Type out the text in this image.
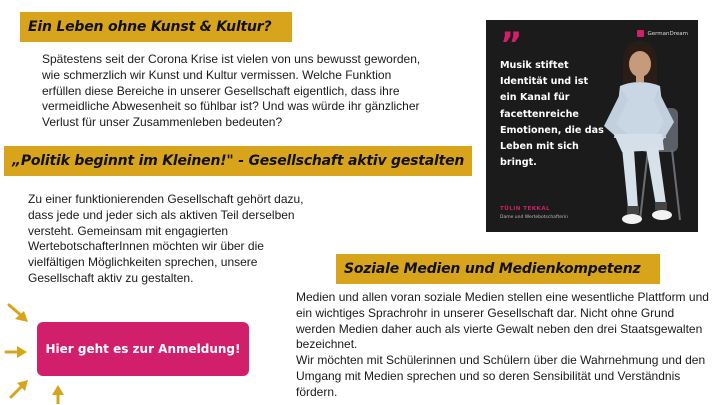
Ein Leben ohne Kunst & Kultur?
Spätestens seit der Corona Krise ist vielen von uns bewusst geworden, wie schmerzlich wir Kunst und Kultur vermissen. Welche Funktion erfüllen diese Bereiche in unserer Gesellschaft eigentlich, dass ihre vermeidliche Abwesenheit so fühlbar ist? Und was würde ihr gänzlicher Verlust für unser Zusammenleben bedeuten?
„Politik beginnt im Kleinen!" - Gesellschaft aktiv gestalten
Zu einer funktionierenden Gesellschaft gehört dazu, dass jede und jeder sich als aktiven Teil derselben versteht. Gemeinsam mit engagierten WertebotschafterInnen möchten wir über die vielfältigen Möglichkeiten sprechen, unsere Gesellschaft aktiv zu gestalten.
Soziale Medien und Medienkompetenz
Medien und allen voran soziale Medien stellen eine wesentliche Plattform und ein wichtiges Sprachrohr in unserer Gesellschaft dar. Nicht ohne Grund werden Medien daher auch als vierte Gewalt neben den drei Staatsgewalten bezeichnet.
Wir möchten mit Schülerinnen und Schülern über die Wahrnehmung und den Umgang mit Medien sprechen und so deren Sensibilität und Verständnis fördern.
Hier geht es zur Anmeldung!
”	GermanDream
Musik stiftet Identität und ist ein Kanal für facettenreiche Emotionen, die das Leben mit sich bringt.
TÜLIN TEKKAL
Dame und Wertebotschafterin
